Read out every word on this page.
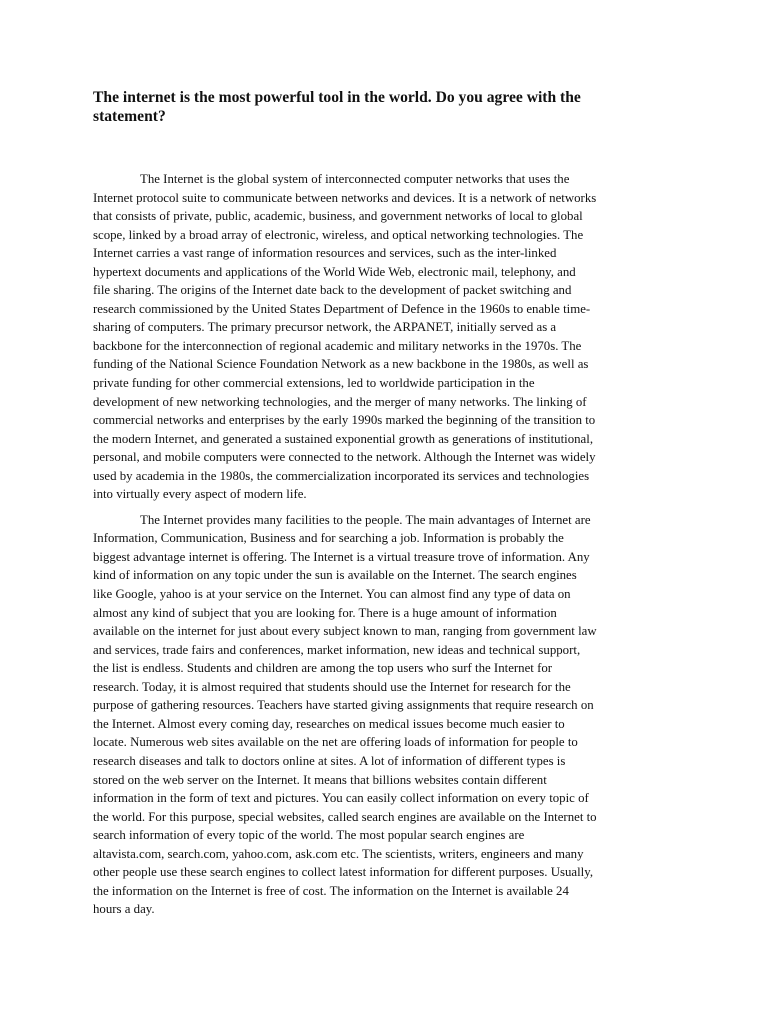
The internet is the most powerful tool in the world. Do you agree with the
statement?

The Internet is the global system of interconnected computer networks that uses the
Internet protocol suite to communicate between networks and devices. It is a network of networks
that consists of private, public, academic, business, and government networks of local to global
scope, linked by a broad array of electronic, wireless, and optical networking technologies. The
Internet carries a vast range of information resources and services, such as the inter-linked
hypertext documents and applications of the World Wide Web, electronic mail, telephony, and
file sharing. The origins of the Internet date back to the development of packet switching and
research commissioned by the United States Department of Defence in the 1960s to enable time-
sharing of computers. The primary precursor network, the ARPANET, initially served as a
backbone for the interconnection of regional academic and military networks in the 1970s. The
funding of the National Science Foundation Network as a new backbone in the 1980s, as well as
private funding for other commercial extensions, led to worldwide participation in the
development of new networking technologies, and the merger of many networks. The linking of
commercial networks and enterprises by the early 1990s marked the beginning of the transition to
the modern Internet, and generated a sustained exponential growth as generations of institutional,
personal, and mobile computers were connected to the network. Although the Internet was widely
used by academia in the 1980s, the commercialization incorporated its services and technologies
into virtually every aspect of modern life.

The Internet provides many facilities to the people. The main advantages of Internet are
Information, Communication, Business and for searching a job. Information is probably the
biggest advantage internet is offering. The Internet is a virtual treasure trove of information. Any
kind of information on any topic under the sun is available on the Internet. The search engines
like Google, yahoo is at your service on the Internet. You can almost find any type of data on
almost any kind of subject that you are looking for. There is a huge amount of information
available on the internet for just about every subject known to man, ranging from government law
and services, trade fairs and conferences, market information, new ideas and technical support,
the list is endless. Students and children are among the top users who surf the Internet for
research. Today, it is almost required that students should use the Internet for research for the
purpose of gathering resources. Teachers have started giving assignments that require research on
the Internet. Almost every coming day, researches on medical issues become much easier to
locate. Numerous web sites available on the net are offering loads of information for people to
research diseases and talk to doctors online at sites. A lot of information of different types is
stored on the web server on the Internet. It means that billions websites contain different
information in the form of text and pictures. You can easily collect information on every topic of
the world. For this purpose, special websites, called search engines are available on the Internet to
search information of every topic of the world. The most popular search engines are
altavista.com, search.com, yahoo.com, ask.com etc. The scientists, writers, engineers and many
other people use these search engines to collect latest information for different purposes. Usually,
the information on the Internet is free of cost. The information on the Internet is available 24
hours a day.
